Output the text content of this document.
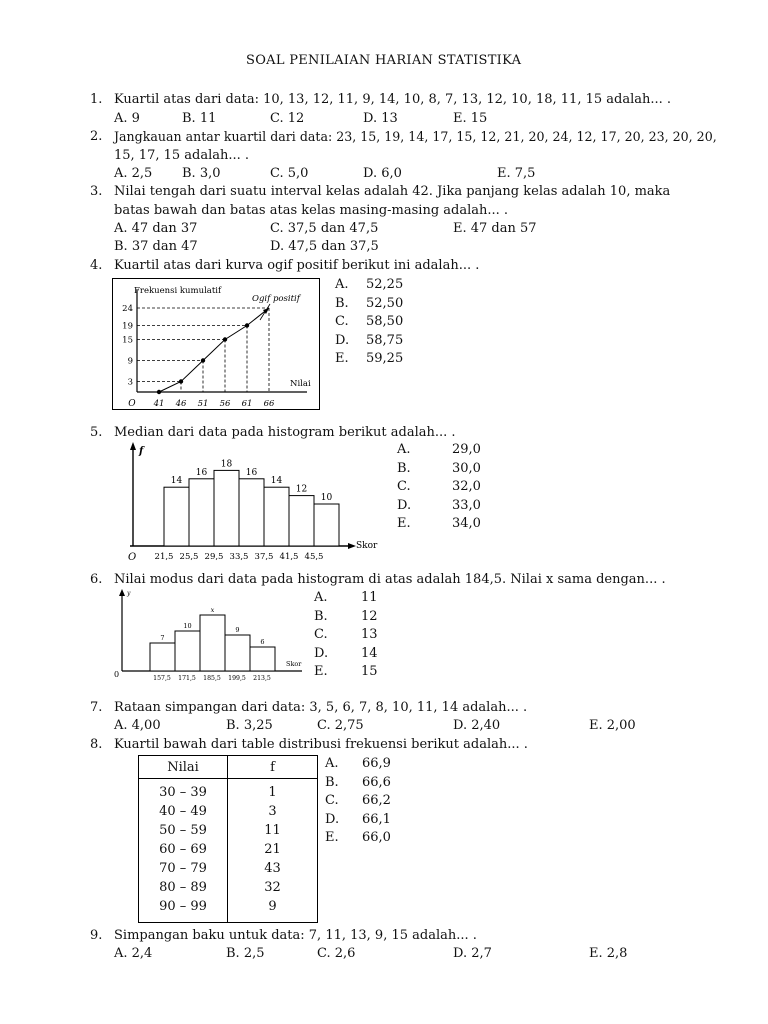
SOAL PENILAIAN HARIAN STATISTIKA
1. Kuartil atas dari data: 10, 13, 12, 11, 9, 14, 10, 8, 7, 13, 12, 10, 18, 11, 15 adalah... .
A. 9	B. 11	C. 12	D. 13	E. 15
2. Jangkauan antar kuartil dari data: 23, 15, 19, 14, 17, 15, 12, 21, 20, 24, 12, 17, 20, 23, 20, 20,
15, 17, 15 adalah... .
A. 2,5 B. 3,0	C. 5,0	D. 6,0	E. 7,5
3. Nilai tengah dari suatu interval kelas adalah 42. Jika panjang kelas adalah 10, maka
batas bawah dan batas atas kelas masing-masing adalah... .
A. 47 dan 37	C. 37,5 dan 47,5	E. 47 dan 57
B. 37 dan 47	D. 47,5 dan 37,5
4. Kuartil atas dari kurva ogif positif berikut ini adalah... .
Frekuensi kumulatif
Nilai
Ogif positif
O 41 46 51 56 61 66
3
9
15
19
24
A. 52,25
B. 52,50
C. 58,50
D. 58,75
E. 59,25
5. Median dari data pada histogram berikut adalah... .
f
Skor
O
14
16
18
16
14
12
10
21,5 25,5 29,5 33,5 37,5 41,5 45,5
A.	29,0
B.	30,0
C.	32,0
D.	33,0
E.	34,0
6. Nilai modus dari data pada histogram di atas adalah 184,5. Nilai x sama dengan... .
y
Skor
0
7
10
x
9
6
157,5 171,5 185,5 199,5 213,5
A.	11
B.	12
C.	13
D.	14
E.	15
7. Rataan simpangan dari data: 3, 5, 6, 7, 8, 10, 11, 14 adalah... .
A. 4,00	B. 3,25	C. 2,75	D. 2,40	E. 2,00
8. Kuartil bawah dari table distribusi frekuensi berikut adalah... .
Nilai	f
30 – 39	1
40 – 49	3
50 – 59	11
60 – 69	21
70 – 79	43
80 – 89	32
90 – 99	9
A. 66,9
B. 66,6
C. 66,2
D. 66,1
E. 66,0
9. Simpangan baku untuk data: 7, 11, 13, 9, 15 adalah... .
A. 2,4	B. 2,5	C. 2,6	D. 2,7	E. 2,8
